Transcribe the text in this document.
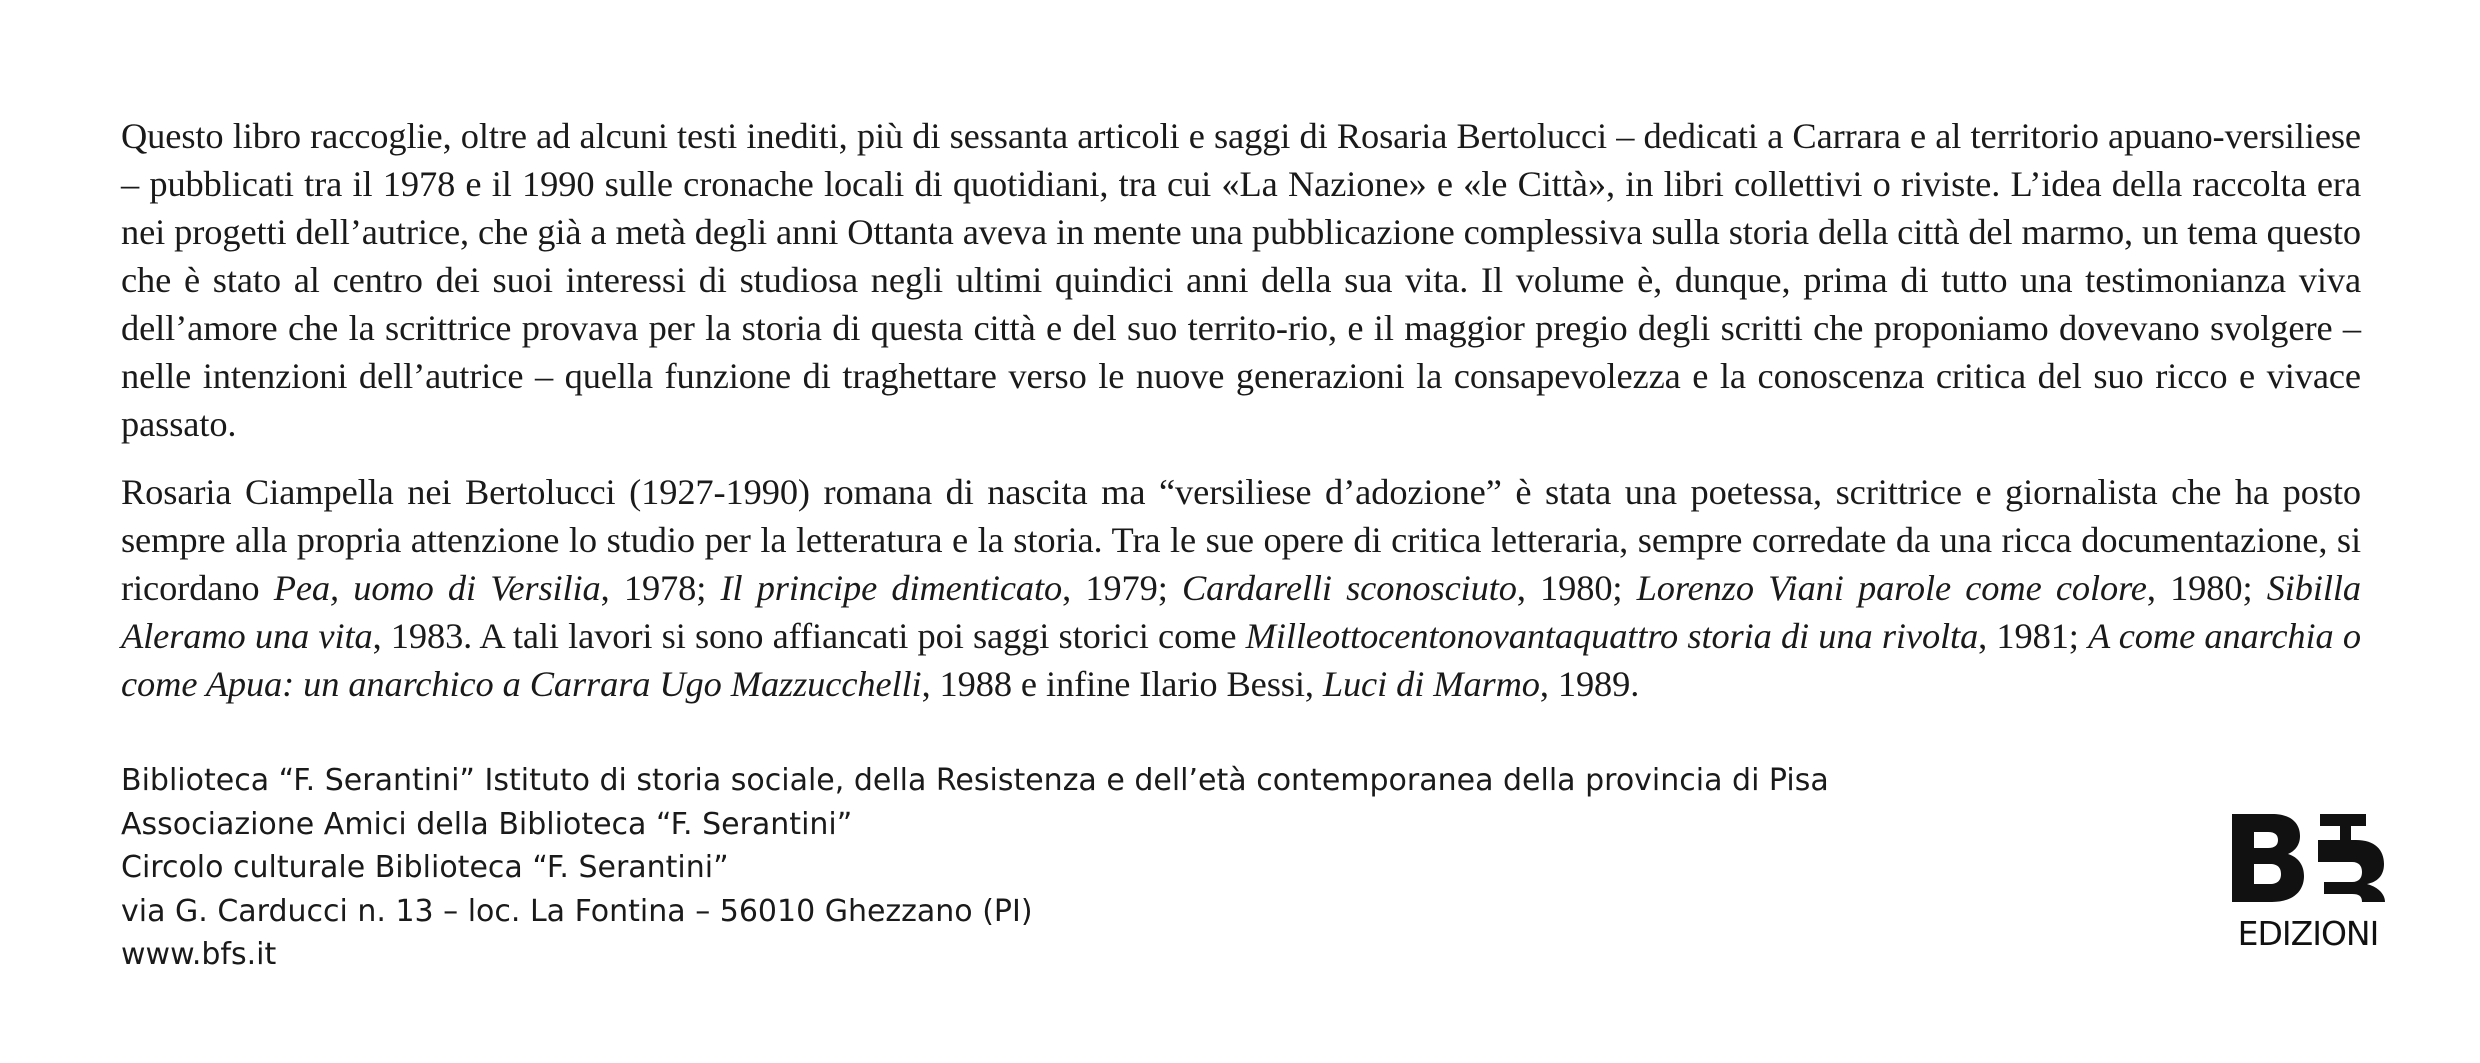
Questo libro raccoglie, oltre ad alcuni testi inediti, più di sessanta articoli e saggi di Rosaria Bertolucci – dedicati a Carrara e al territorio apuano-versiliese – pubblicati tra il 1978 e il 1990 sulle cronache locali di quotidiani, tra cui «La Nazione» e «le Città», in libri collettivi o riviste. L’idea della raccolta era nei progetti dell’autrice, che già a metà degli anni Ottanta aveva in mente una pubblicazione complessiva sulla storia della città del marmo, un tema questo che è stato al centro dei suoi interessi di studiosa negli ultimi quindici anni della sua vita. Il volume è, dunque, prima di tutto una testimonianza viva dell’amore che la scrittrice provava per la storia di questa città e del suo territo-rio, e il maggior pregio degli scritti che proponiamo dovevano svolgere – nelle intenzioni dell’autrice – quella funzione di traghettare verso le nuove generazioni la consapevolezza e la conoscenza critica del suo ricco e vivace passato.

Rosaria Ciampella nei Bertolucci (1927-1990) romana di nascita ma “versiliese d’adozione” è stata una poetessa, scrittrice e giornalista che ha posto sempre alla propria attenzione lo studio per la letteratura e la storia. Tra le sue opere di critica letteraria, sempre corredate da una ricca documentazione, si ricordano Pea, uomo di Versilia, 1978; Il principe dimenticato, 1979; Cardarelli sconosciuto, 1980; Lorenzo Viani parole come colore, 1980; Sibilla Aleramo una vita, 1983. A tali lavori si sono affiancati poi saggi storici come Milleottocentonovantaquattro storia di una rivolta, 1981; A come anarchia o come Apua: un anarchico a Carrara Ugo Mazzucchelli, 1988 e infine Ilario Bessi, Luci di Marmo, 1989.

Biblioteca “F. Serantini” Istituto di storia sociale, della Resistenza e dell’età contemporanea della provincia di Pisa
Associazione Amici della Biblioteca “F. Serantini”
Circolo culturale Biblioteca “F. Serantini”
via G. Carducci n. 13 – loc. La Fontina – 56010 Ghezzano (PI)
www.bfs.it
EDIZIONI
